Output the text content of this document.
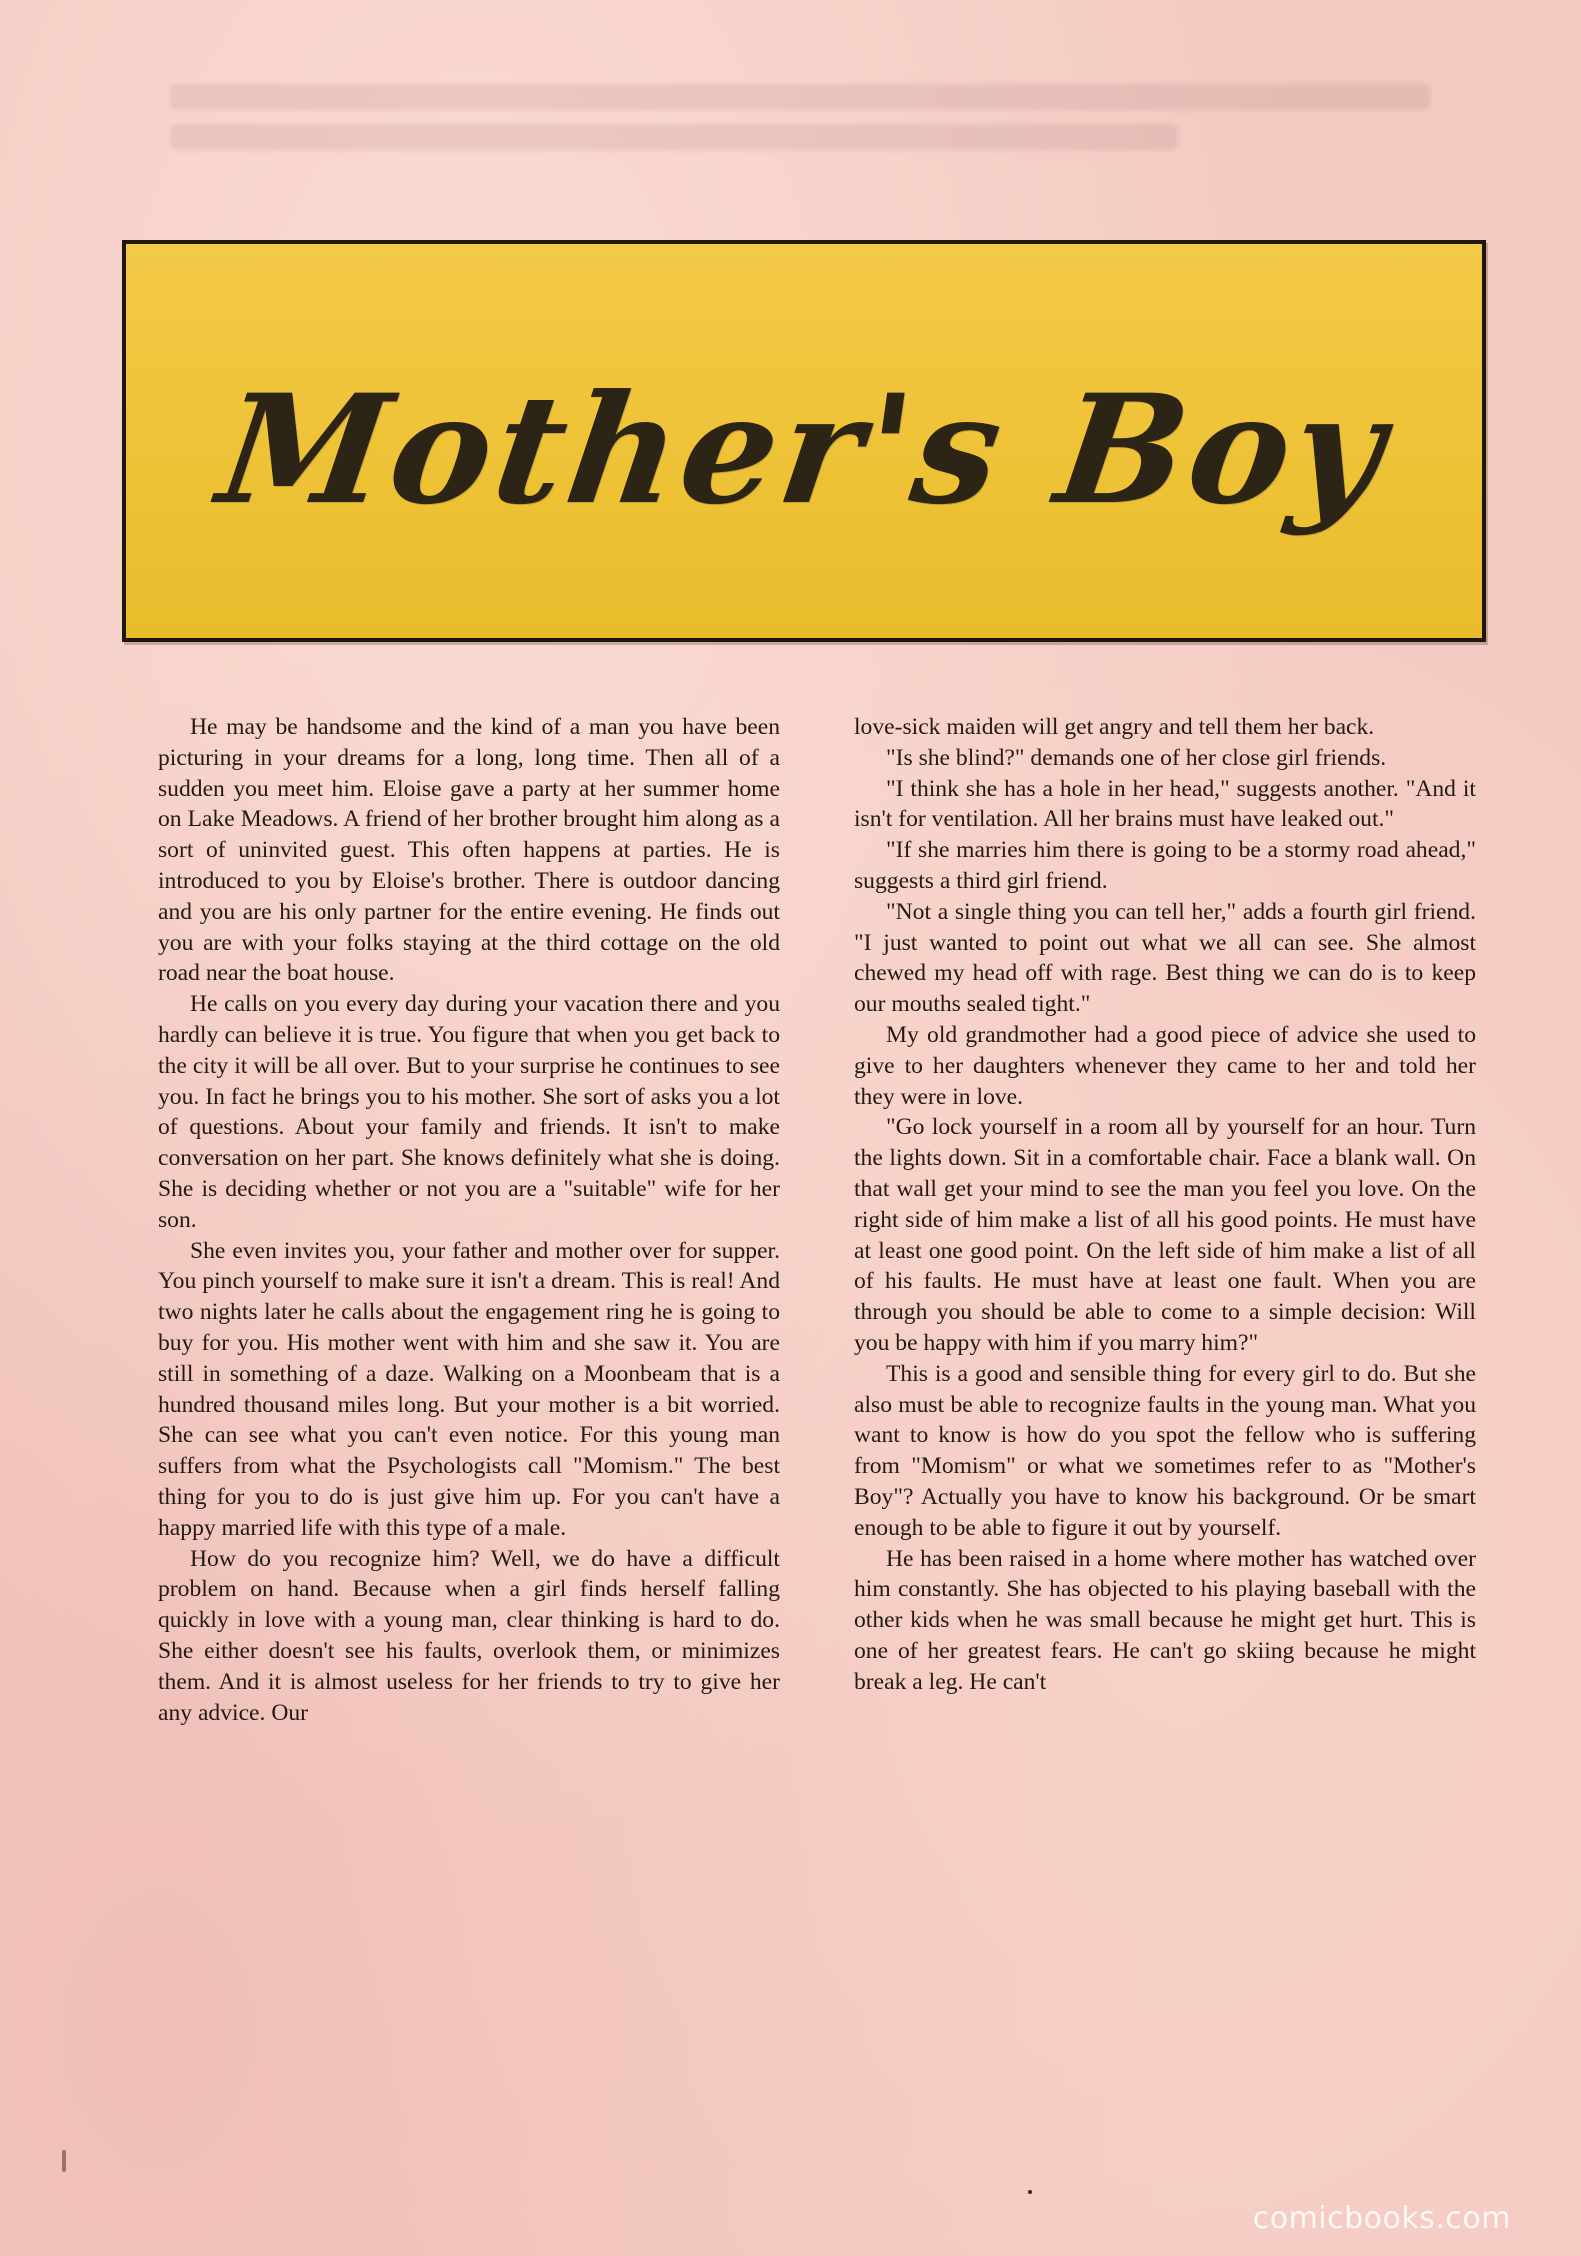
Mother's Boy

He may be handsome and the kind of a man you have been picturing in your dreams for a long, long time. Then all of a sudden you meet him. Eloise gave a party at her summer home on Lake Meadows. A friend of her brother brought him along as a sort of uninvited guest. This often happens at parties. He is introduced to you by Eloise's brother. There is outdoor dancing and you are his only partner for the entire evening. He finds out you are with your folks staying at the third cottage on the old road near the boat house.

He calls on you every day during your vacation there and you hardly can believe it is true. You figure that when you get back to the city it will be all over. But to your surprise he continues to see you. In fact he brings you to his mother. She sort of asks you a lot of questions. About your family and friends. It isn't to make conversation on her part. She knows definitely what she is doing. She is deciding whether or not you are a "suitable" wife for her son.

She even invites you, your father and mother over for supper. You pinch yourself to make sure it isn't a dream. This is real! And two nights later he calls about the engagement ring he is going to buy for you. His mother went with him and she saw it. You are still in something of a daze. Walking on a Moonbeam that is a hundred thousand miles long. But your mother is a bit worried. She can see what you can't even notice. For this young man suffers from what the Psychologists call "Momism." The best thing for you to do is just give him up. For you can't have a happy married life with this type of a male.

How do you recognize him? Well, we do have a difficult problem on hand. Because when a girl finds herself falling quickly in love with a young man, clear thinking is hard to do. She either doesn't see his faults, overlook them, or minimizes them. And it is almost useless for her friends to try to give her any advice. Our

love-sick maiden will get angry and tell them her back.

"Is she blind?" demands one of her close girl friends.

"I think she has a hole in her head," suggests another. "And it isn't for ventilation. All her brains must have leaked out."

"If she marries him there is going to be a stormy road ahead," suggests a third girl friend.

"Not a single thing you can tell her," adds a fourth girl friend. "I just wanted to point out what we all can see. She almost chewed my head off with rage. Best thing we can do is to keep our mouths sealed tight."

My old grandmother had a good piece of advice she used to give to her daughters whenever they came to her and told her they were in love.

"Go lock yourself in a room all by yourself for an hour. Turn the lights down. Sit in a comfortable chair. Face a blank wall. On that wall get your mind to see the man you feel you love. On the right side of him make a list of all his good points. He must have at least one good point. On the left side of him make a list of all of his faults. He must have at least one fault. When you are through you should be able to come to a simple decision: Will you be happy with him if you marry him?"

This is a good and sensible thing for every girl to do. But she also must be able to recognize faults in the young man. What you want to know is how do you spot the fellow who is suffering from "Momism" or what we sometimes refer to as "Mother's Boy"? Actually you have to know his background. Or be smart enough to be able to figure it out by yourself.

He has been raised in a home where mother has watched over him constantly. She has objected to his playing baseball with the other kids when he was small because he might get hurt. This is one of her greatest fears. He can't go skiing because he might break a leg. He can't

comicbooks.com
